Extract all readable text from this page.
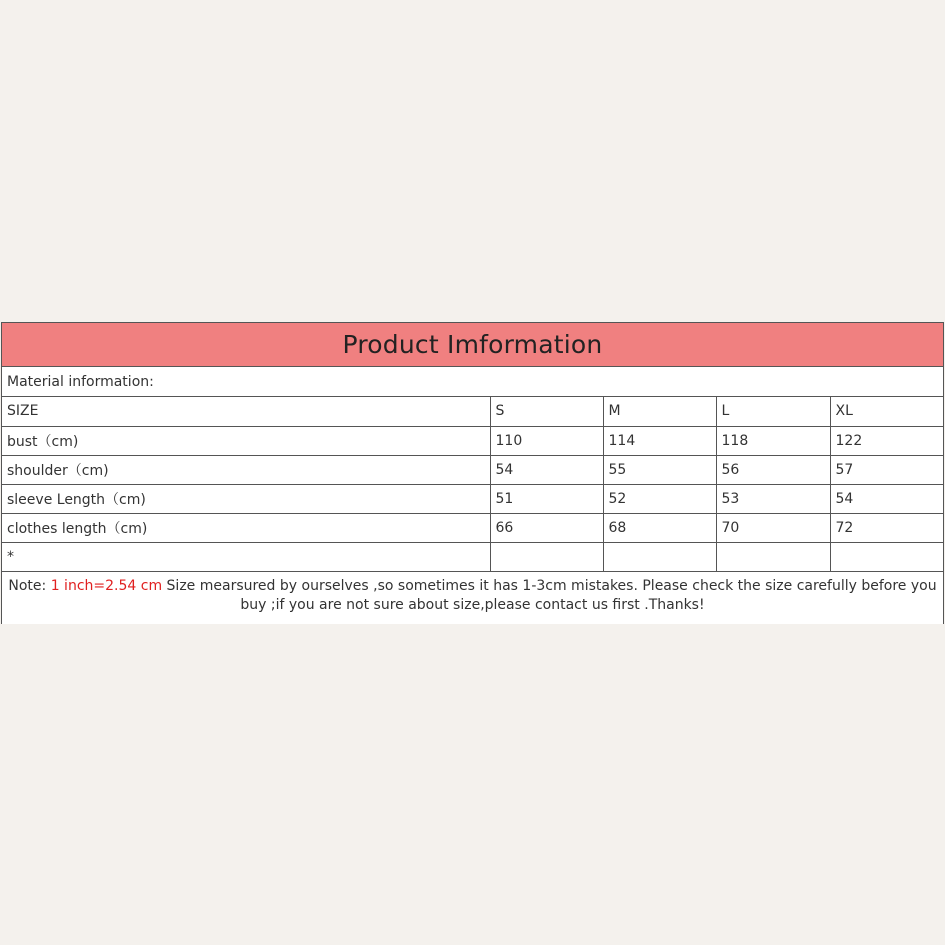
Product Imformation
Material information:
SIZE	S	M	L	XL
bust（cm)	110	114	118	122
shoulder（cm)	54	55	56	57
sleeve Length（cm)	51	52	53	54
clothes length（cm)	66	68	70	72
*				
Note: 1 inch=2.54 cm Size mearsured by ourselves ,so sometimes it has 1-3cm mistakes. Please check the size carefully before you buy ;if you are not sure about size,please contact us first .Thanks!
